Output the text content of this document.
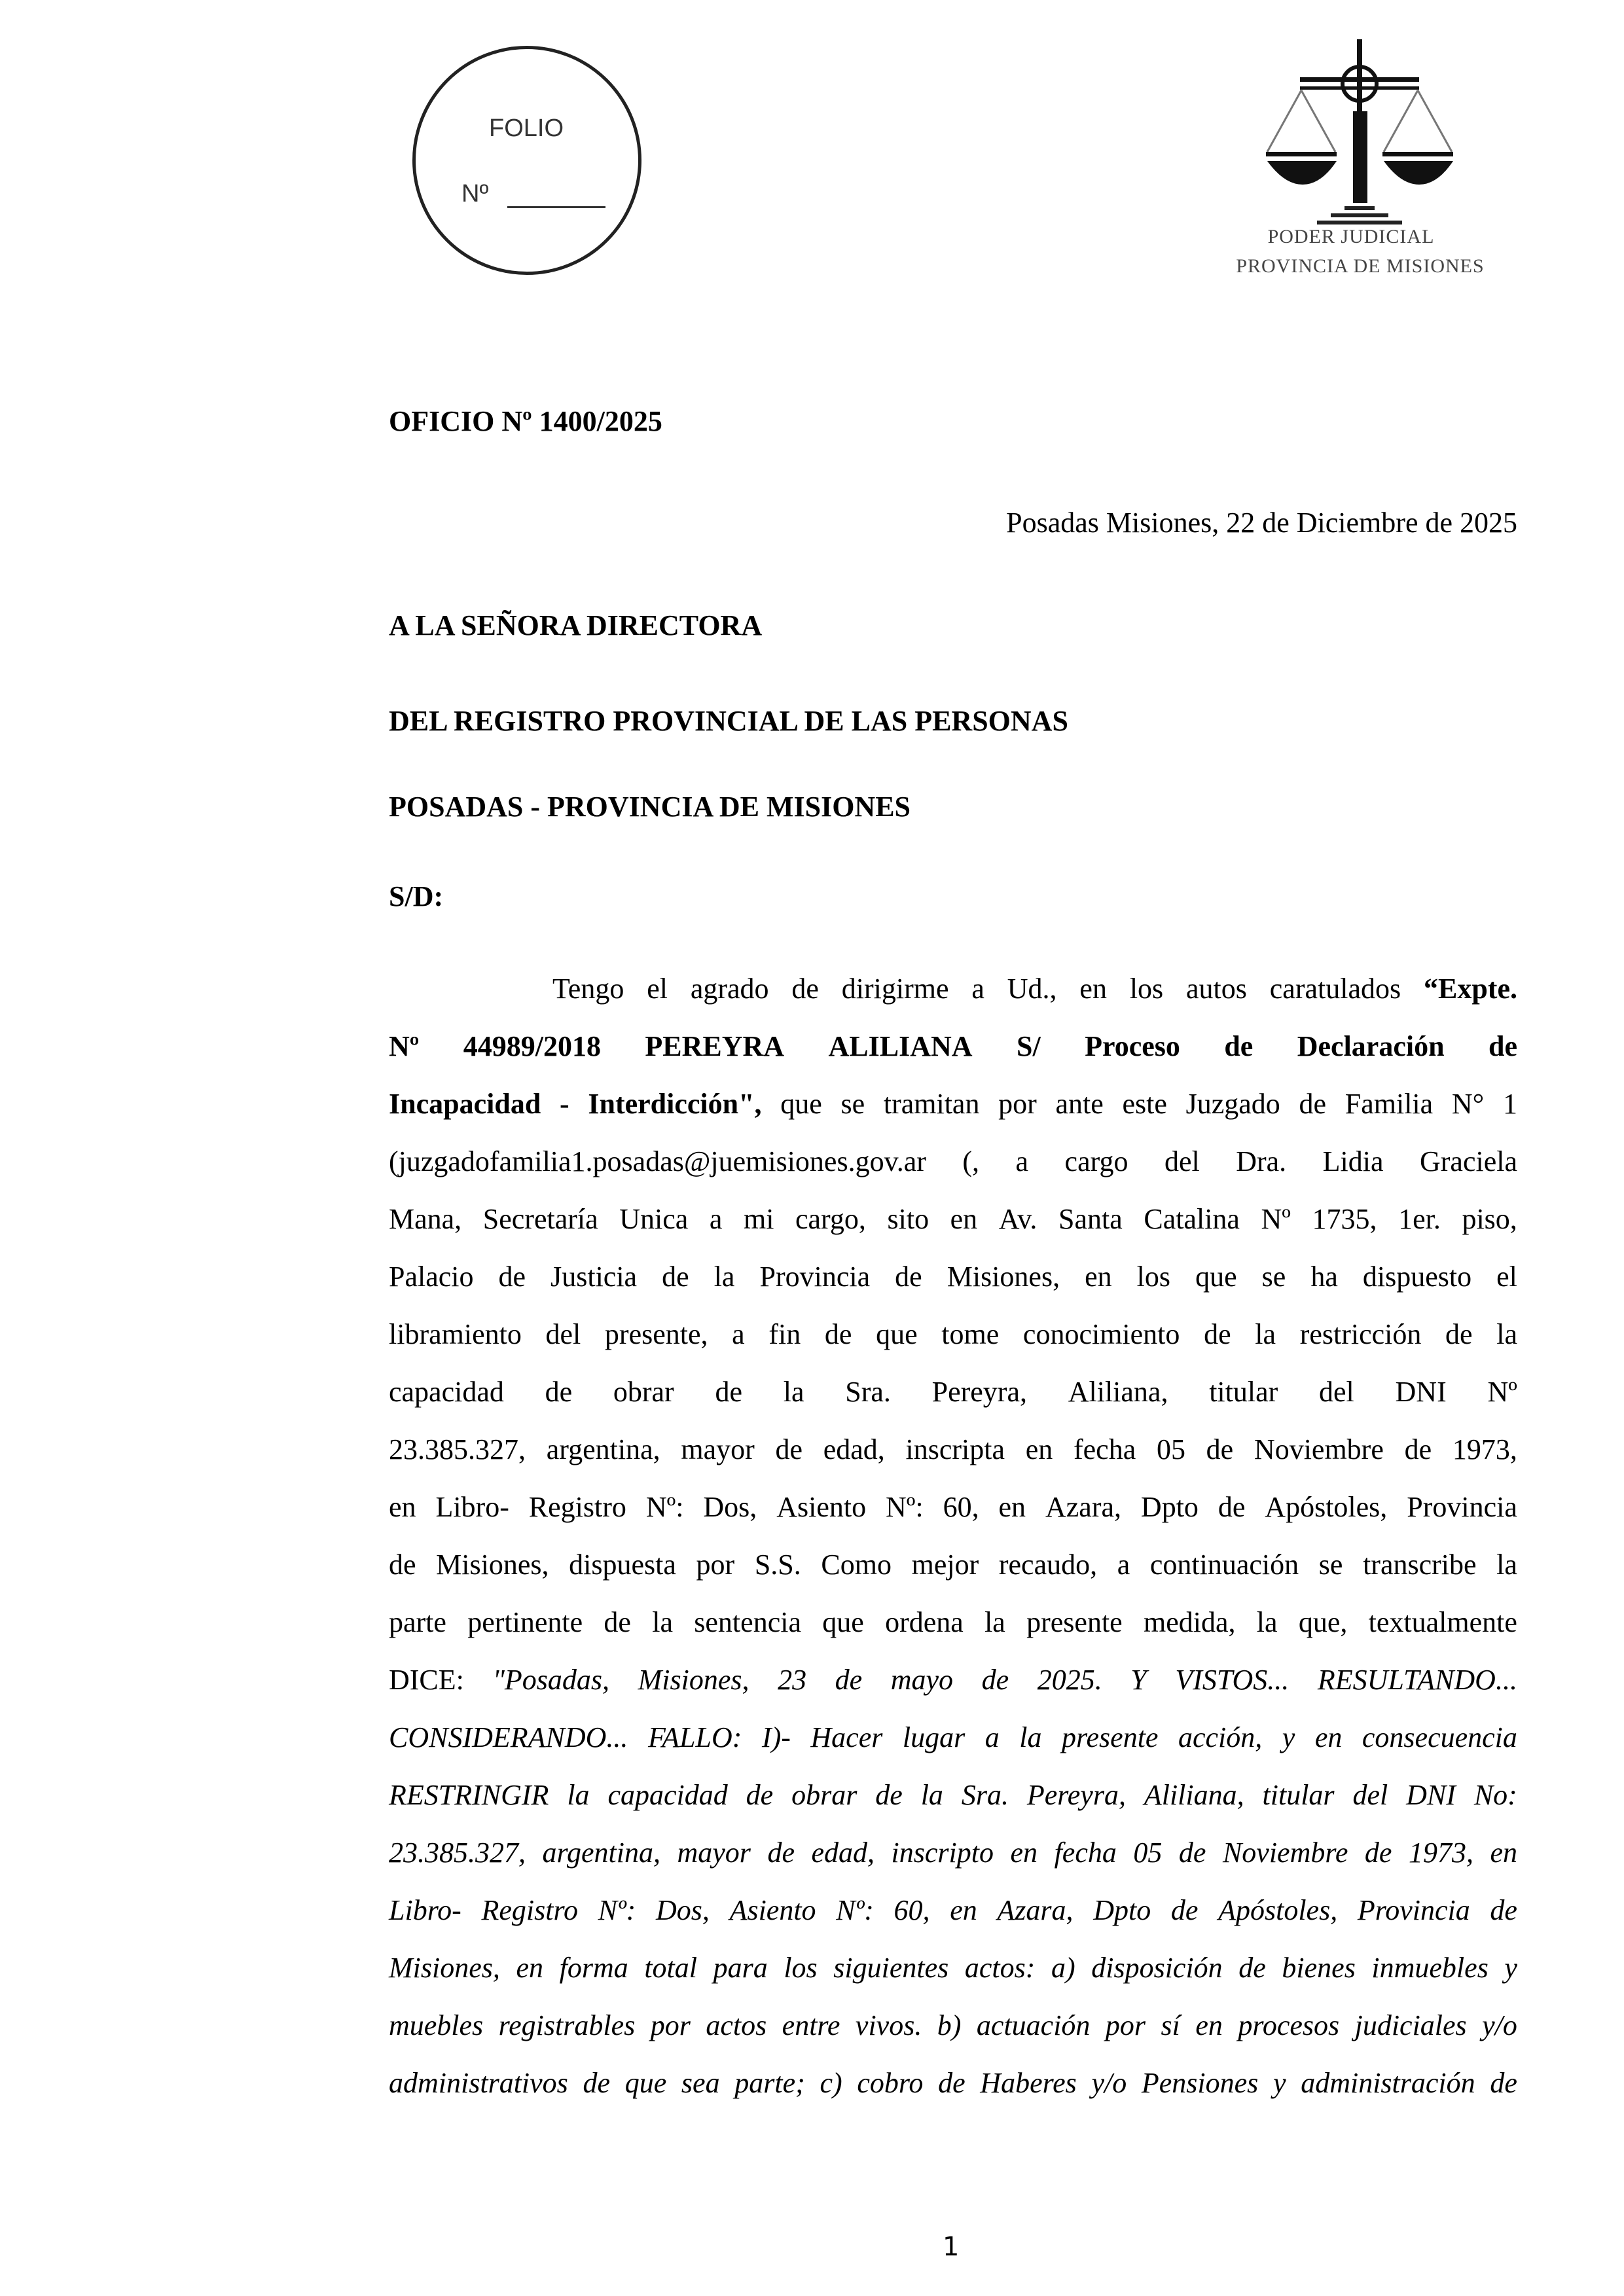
FOLIO
Nº
PODER JUDICIAL
PROVINCIA DE MISIONES
OFICIO Nº 1400/2025
Posadas Misiones, 22 de Diciembre de 2025
A LA SEÑORA DIRECTORA
DEL REGISTRO PROVINCIAL DE LAS PERSONAS
POSADAS - PROVINCIA DE MISIONES
S/D:
Tengo el agrado de dirigirme a Ud., en los autos caratulados “Expte.
Nº 44989/2018 PEREYRA ALILIANA S/ Proceso de Declaración de
Incapacidad - Interdicción", que se tramitan por ante este Juzgado de Familia N° 1
(juzgadofamilia1.posadas@juemisiones.gov.ar (, a cargo del Dra. Lidia Graciela
Mana, Secretaría Unica a mi cargo, sito en Av. Santa Catalina Nº 1735, 1er. piso,
Palacio de Justicia de la Provincia de Misiones, en los que se ha dispuesto el
libramiento del presente, a fin de que tome conocimiento de la restricción de la
capacidad de obrar de la Sra. Pereyra, Aliliana, titular del DNI Nº
23.385.327, argentina, mayor de edad, inscripta en fecha 05 de Noviembre de 1973,
en Libro- Registro Nº: Dos, Asiento Nº: 60, en Azara, Dpto de Apóstoles, Provincia
de Misiones, dispuesta por S.S. Como mejor recaudo, a continuación se transcribe la
parte pertinente de la sentencia que ordena la presente medida, la que, textualmente
DICE: "Posadas, Misiones, 23 de mayo de 2025. Y VISTOS... RESULTANDO...
CONSIDERANDO... FALLO: I)- Hacer lugar a la presente acción, y en consecuencia
RESTRINGIR la capacidad de obrar de la Sra. Pereyra, Aliliana, titular del DNI No:
23.385.327, argentina, mayor de edad, inscripto en fecha 05 de Noviembre de 1973, en
Libro- Registro Nº: Dos, Asiento Nº: 60, en Azara, Dpto de Apóstoles, Provincia de
Misiones, en forma total para los siguientes actos: a) disposición de bienes inmuebles y
muebles registrables por actos entre vivos. b) actuación por sí en procesos judiciales y/o
administrativos de que sea parte; c) cobro de Haberes y/o Pensiones y administración de
1
